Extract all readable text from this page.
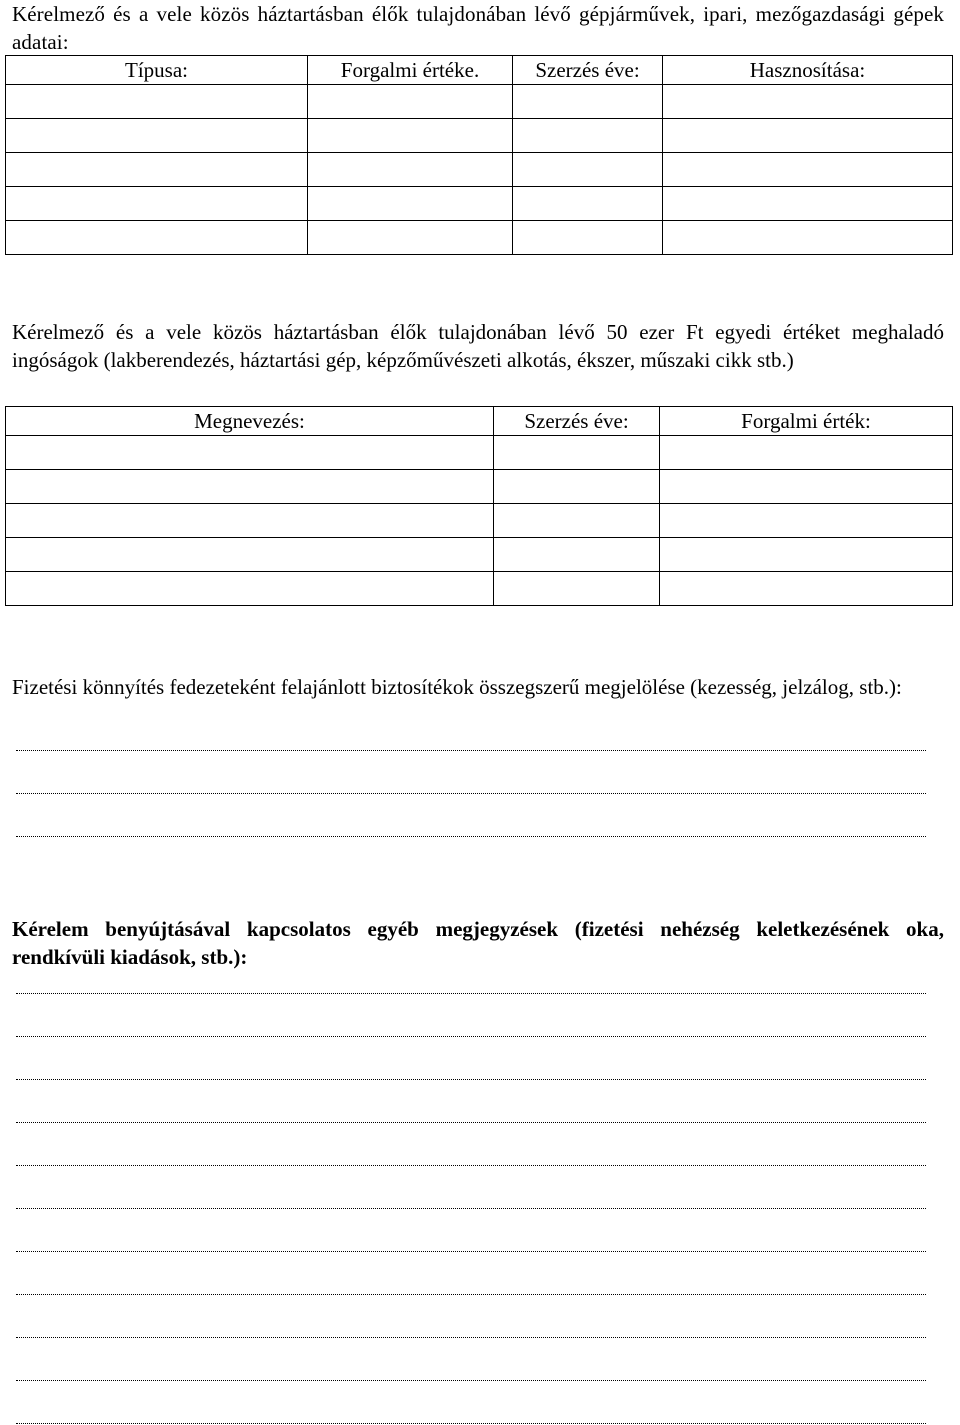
Kérelmező és a vele közös háztartásban élők tulajdonában lévő gépjárművek, ipari, mezőgazdasági gépek adatai:
Típusa:	Forgalmi értéke.	Szerzés éve:	Hasznosítása:

Kérelmező és a vele közös háztartásban élők tulajdonában lévő 50 ezer Ft egyedi értéket meghaladó ingóságok (lakberendezés, háztartási gép, képzőművészeti alkotás, ékszer, műszaki cikk stb.)
Megnevezés:	Szerzés éve:	Forgalmi érték:

Fizetési könnyítés fedezeteként felajánlott biztosítékok összegszerű megjelölése (kezesség, jelzálog, stb.):
Kérelem benyújtásával kapcsolatos egyéb megjegyzések (fizetési nehézség keletkezésének oka, rendkívüli kiadások, stb.):
